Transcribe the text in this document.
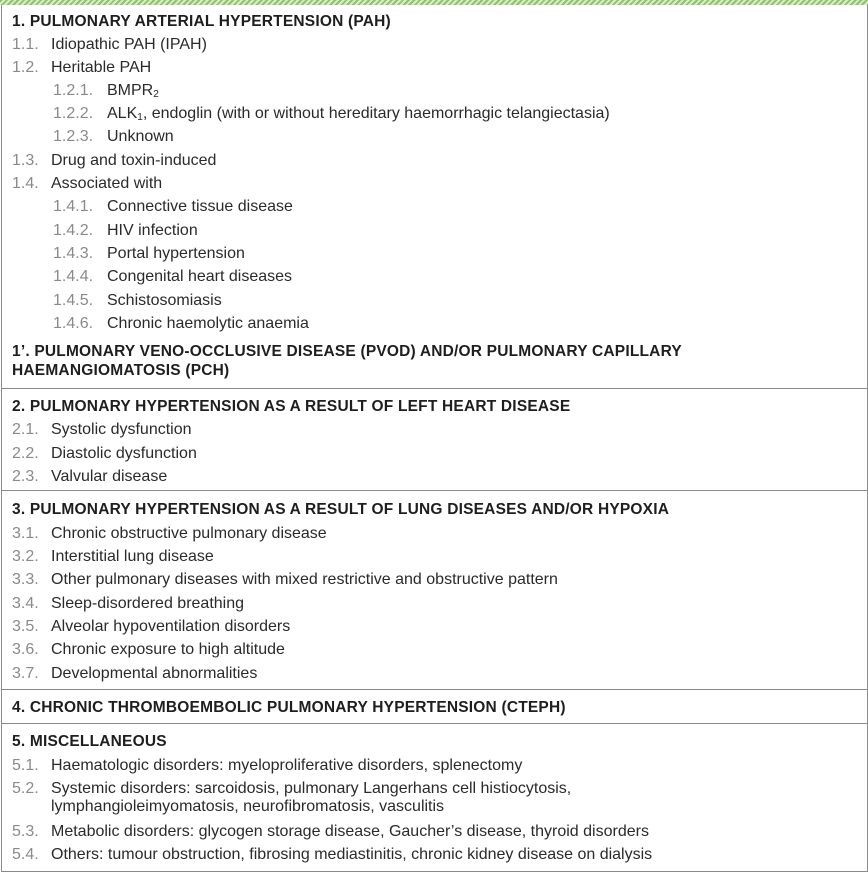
1. PULMONARY ARTERIAL HYPERTENSION (PAH)
1.1. Idiopathic PAH (IPAH)
1.2. Heritable PAH
1.2.1. $BMPR_2$
1.2.2. $ALK_1$, endoglin (with or without hereditary haemorrhagic telangiectasia)
1.2.3. Unknown
1.3. Drug and toxin-induced
1.4. Associated with
1.4.1. Connective tissue disease
1.4.2. HIV infection
1.4.3. Portal hypertension
1.4.4. Congenital heart diseases
1.4.5. Schistosomiasis
1.4.6. Chronic haemolytic anaemia
1’. PULMONARY VENO-OCCLUSIVE DISEASE (PVOD) AND/OR PULMONARY CAPILLARY
HAEMANGIOMATOSIS (PCH)
2. PULMONARY HYPERTENSION AS A RESULT OF LEFT HEART DISEASE
2.1. Systolic dysfunction
2.2. Diastolic dysfunction
2.3. Valvular disease
3. PULMONARY HYPERTENSION AS A RESULT OF LUNG DISEASES AND/OR HYPOXIA
3.1. Chronic obstructive pulmonary disease
3.2. Interstitial lung disease
3.3. Other pulmonary diseases with mixed restrictive and obstructive pattern
3.4. Sleep-disordered breathing
3.5. Alveolar hypoventilation disorders
3.6. Chronic exposure to high altitude
3.7. Developmental abnormalities
4. CHRONIC THROMBOEMBOLIC PULMONARY HYPERTENSION (CTEPH)
5. MISCELLANEOUS
5.1. Haematologic disorders: myeloproliferative disorders, splenectomy
5.2. Systemic disorders: sarcoidosis, pulmonary Langerhans cell histiocytosis,
lymphangioleimyomatosis, neurofibromatosis, vasculitis
5.3. Metabolic disorders: glycogen storage disease, Gaucher’s disease, thyroid disorders
5.4. Others: tumour obstruction, fibrosing mediastinitis, chronic kidney disease on dialysis
